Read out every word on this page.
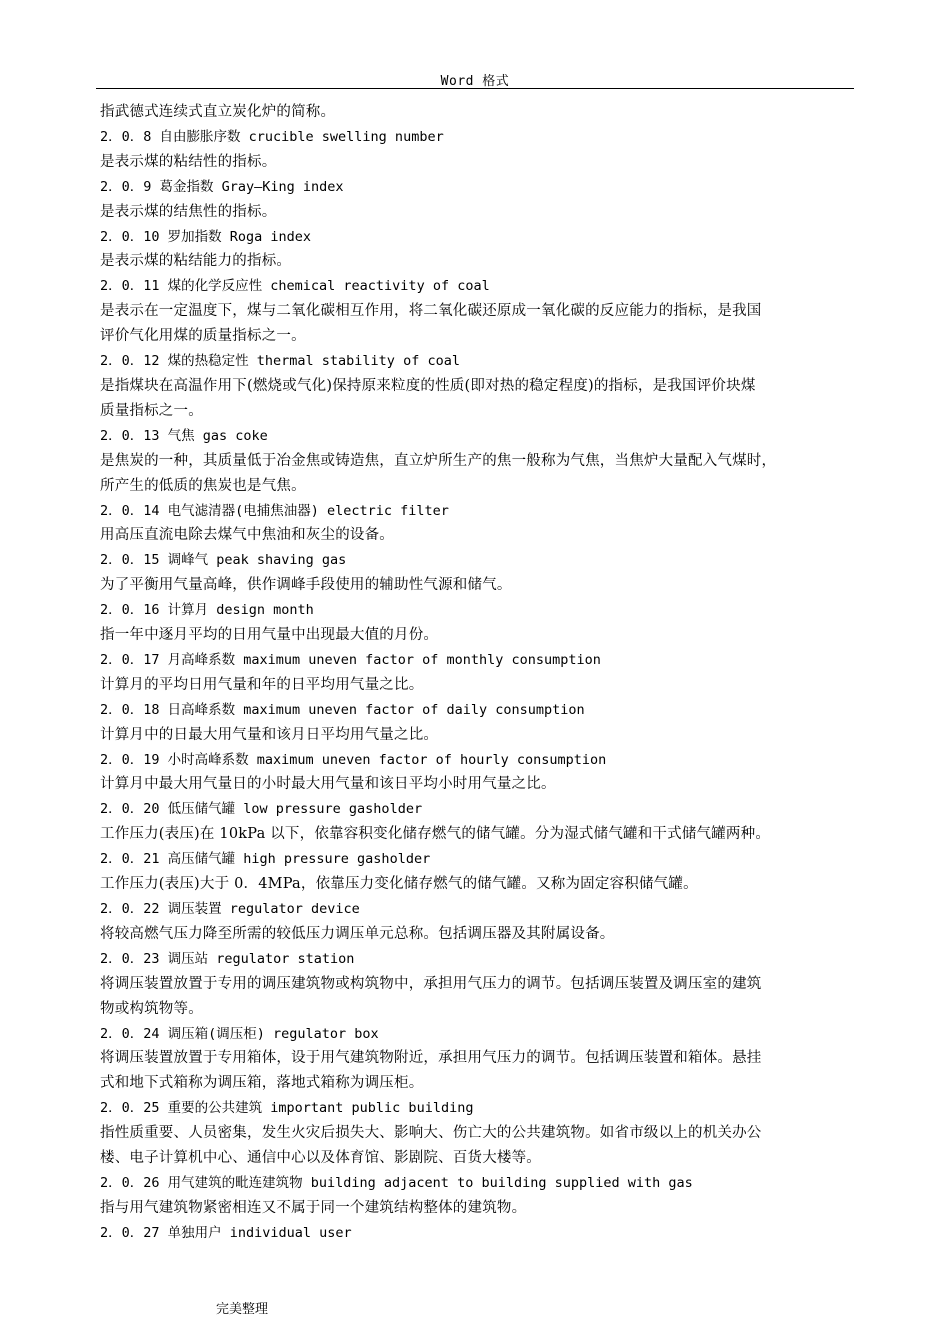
Word 格式
指武德式连续式直立炭化炉的简称。
2．0．8 自由膨胀序数 crucible swelling number
是表示煤的粘结性的指标。
2．0．9 葛金指数 Gray—King index
是表示煤的结焦性的指标。
2．0．10 罗加指数 Roga index
是表示煤的粘结能力的指标。
2．0．11 煤的化学反应性 chemical reactivity of coal
是表示在一定温度下，煤与二氧化碳相互作用，将二氧化碳还原成一氧化碳的反应能力的指标，是我国
评价气化用煤的质量指标之一。
2．0．12 煤的热稳定性 thermal stability of coal
是指煤块在高温作用下(燃烧或气化)保持原来粒度的性质(即对热的稳定程度)的指标，是我国评价块煤
质量指标之一。
2．0．13 气焦 gas coke
是焦炭的一种，其质量低于冶金焦或铸造焦，直立炉所生产的焦一般称为气焦，当焦炉大量配入气煤时，
所产生的低质的焦炭也是气焦。
2．0．14 电气滤清器(电捕焦油器) electric filter
用高压直流电除去煤气中焦油和灰尘的设备。
2．0．15 调峰气 peak shaving gas
为了平衡用气量高峰，供作调峰手段使用的辅助性气源和储气。
2．0．16 计算月 design month
指一年中逐月平均的日用气量中出现最大值的月份。
2．0．17 月高峰系数 maximum uneven factor of monthly consumption
计算月的平均日用气量和年的日平均用气量之比。
2．0．18 日高峰系数 maximum uneven factor of daily consumption
计算月中的日最大用气量和该月日平均用气量之比。
2．0．19 小时高峰系数 maximum uneven factor of hourly consumption
计算月中最大用气量日的小时最大用气量和该日平均小时用气量之比。
2．0．20 低压储气罐 low pressure gasholder
工作压力(表压)在 10kPa 以下，依靠容积变化储存燃气的储气罐。分为湿式储气罐和干式储气罐两种。
2．0．21 高压储气罐 high pressure gasholder
工作压力(表压)大于 0．4MPa，依靠压力变化储存燃气的储气罐。又称为固定容积储气罐。
2．0．22 调压装置 regulator device
将较高燃气压力降至所需的较低压力调压单元总称。包括调压器及其附属设备。
2．0．23 调压站 regulator station
将调压装置放置于专用的调压建筑物或构筑物中，承担用气压力的调节。包括调压装置及调压室的建筑
物或构筑物等。
2．0．24 调压箱(调压柜) regulator box
将调压装置放置于专用箱体，设于用气建筑物附近，承担用气压力的调节。包括调压装置和箱体。悬挂
式和地下式箱称为调压箱，落地式箱称为调压柜。
2．0．25 重要的公共建筑 important public building
指性质重要、人员密集，发生火灾后损失大、影响大、伤亡大的公共建筑物。如省市级以上的机关办公
楼、电子计算机中心、通信中心以及体育馆、影剧院、百货大楼等。
2．0．26 用气建筑的毗连建筑物 building adjacent to building supplied with gas
指与用气建筑物紧密相连又不属于同一个建筑结构整体的建筑物。
2．0．27 单独用户 individual user
完美整理
